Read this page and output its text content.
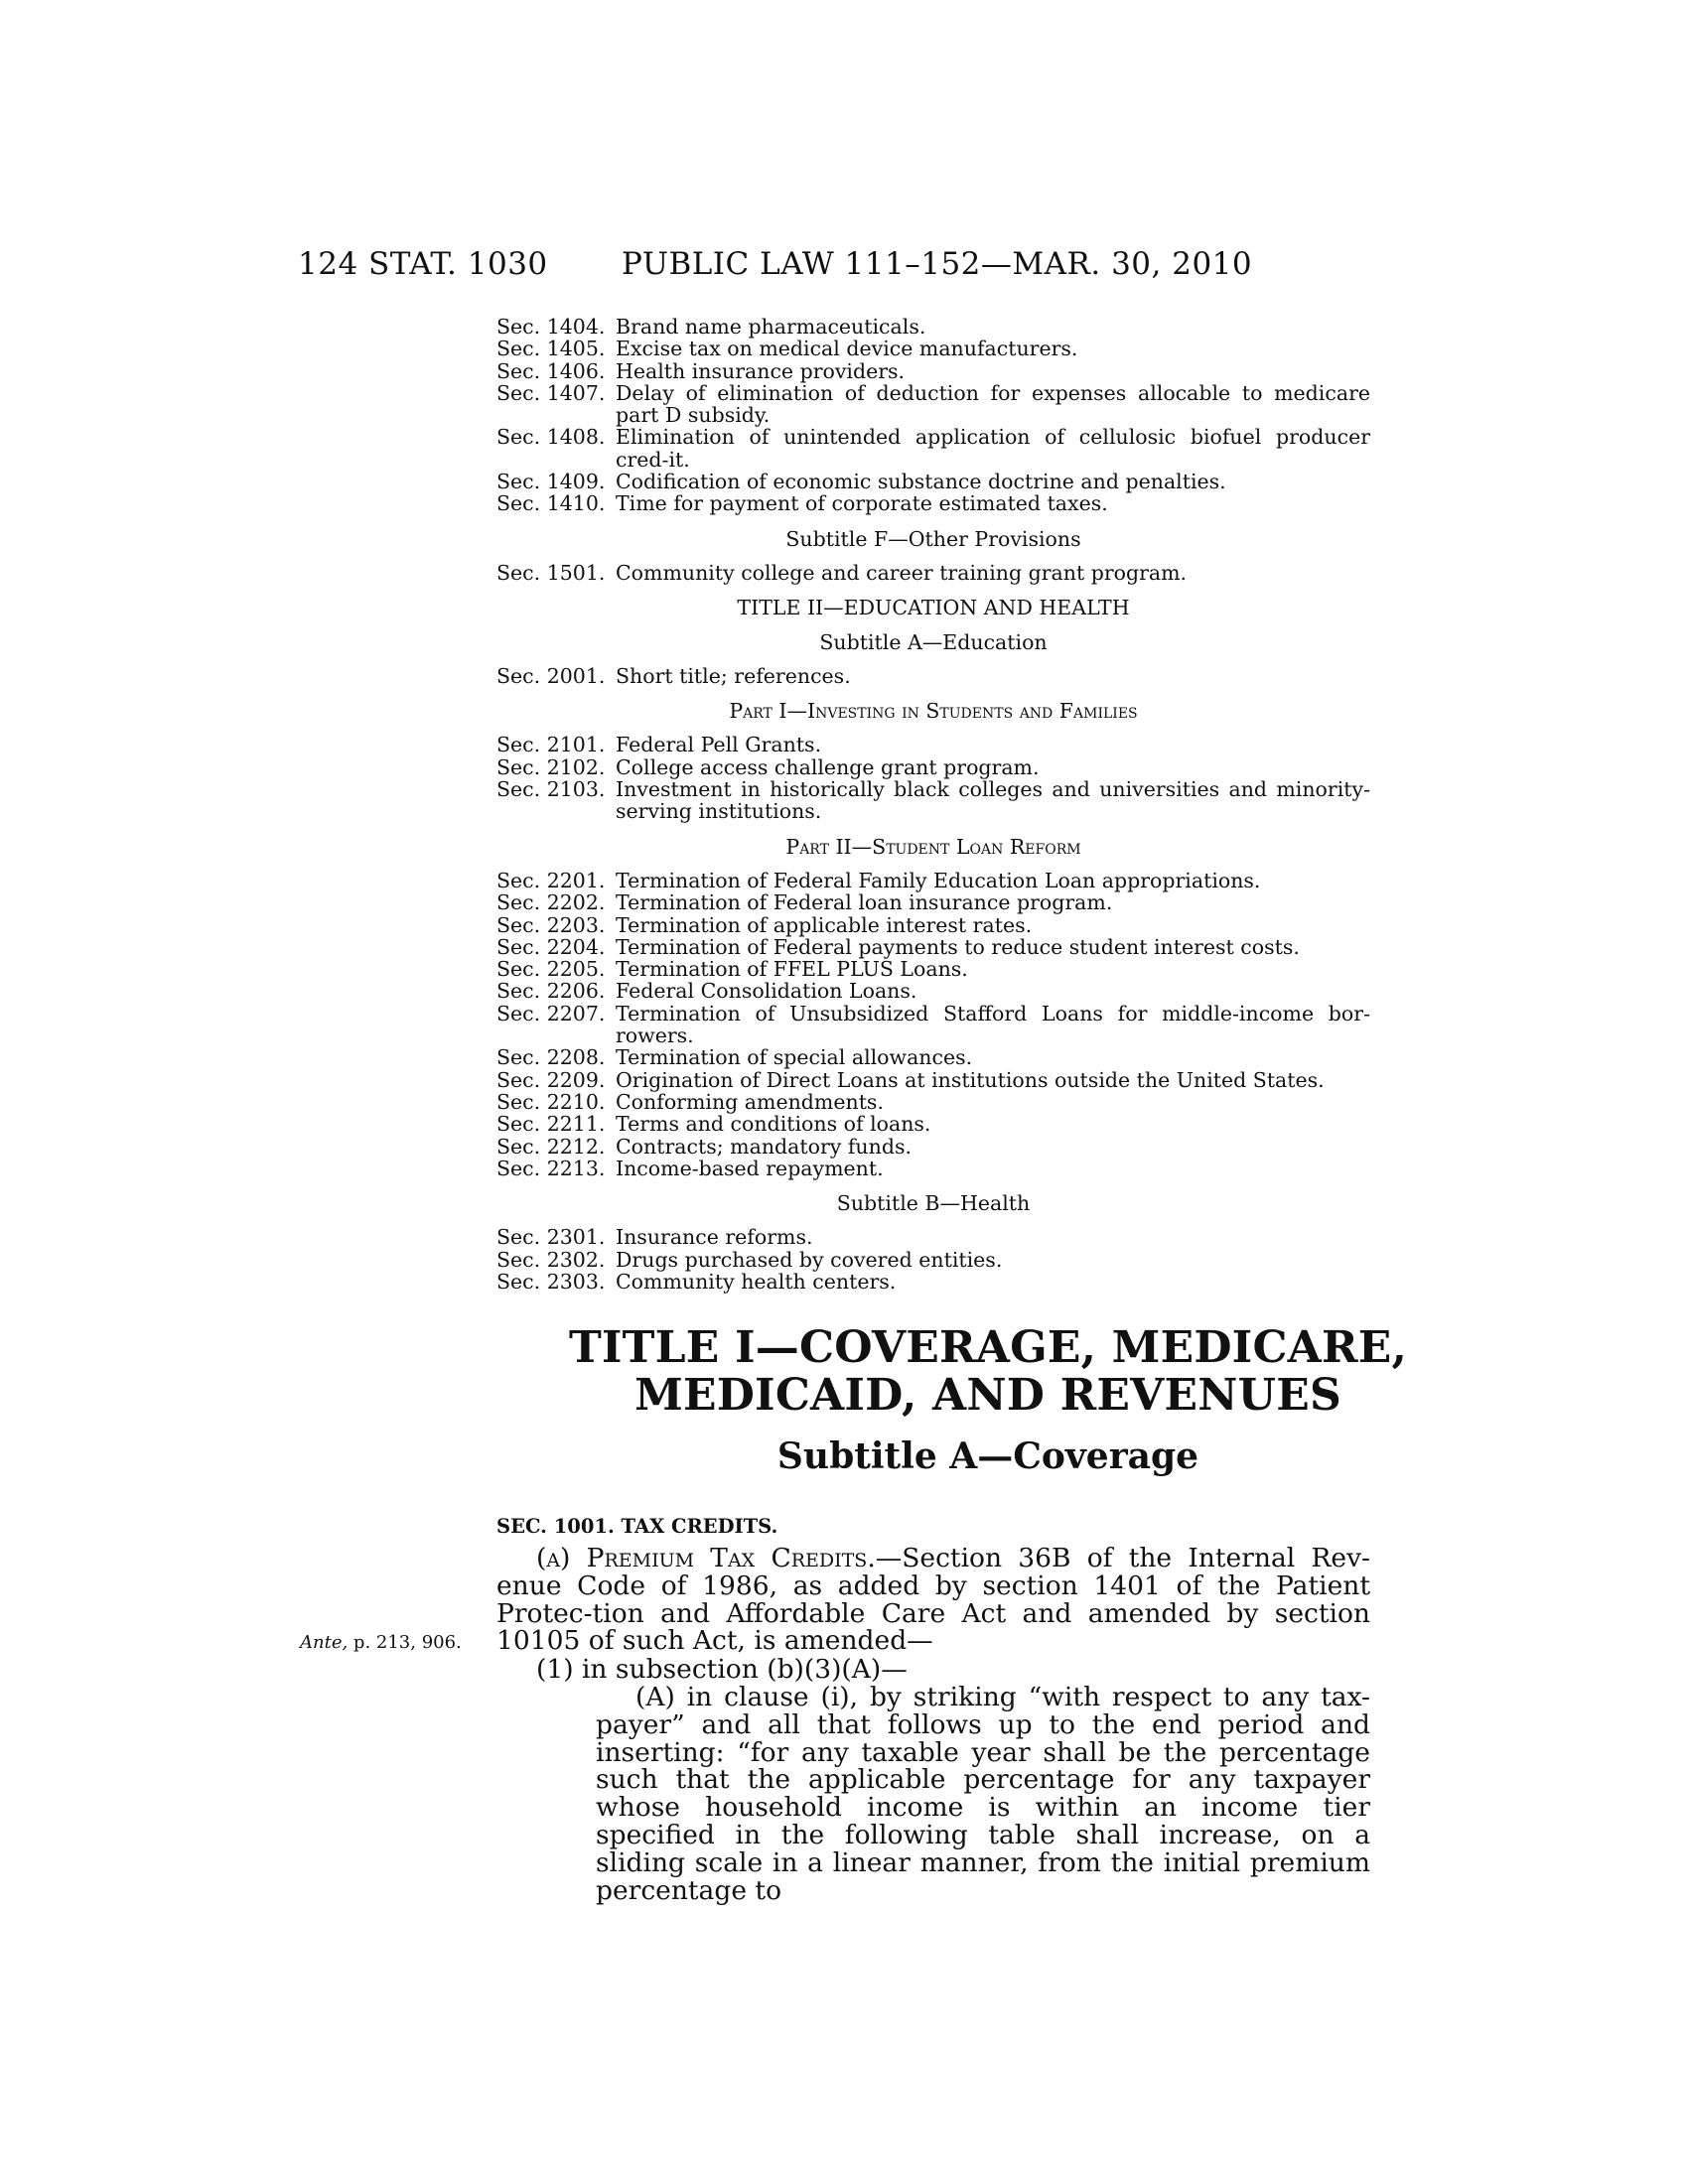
124 STAT. 1030 PUBLIC LAW 111–152—MAR. 30, 2010
Sec. 1404. Brand name pharmaceuticals.
Sec. 1405. Excise tax on medical device manufacturers.
Sec. 1406. Health insurance providers.
Sec. 1407. Delay of elimination of deduction for expenses allocable to medicare part D subsidy.
Sec. 1408. Elimination of unintended application of cellulosic biofuel producer cred-it.
Sec. 1409. Codification of economic substance doctrine and penalties.
Sec. 1410. Time for payment of corporate estimated taxes.
Subtitle F—Other Provisions
Sec. 1501. Community college and career training grant program.
TITLE II—EDUCATION AND HEALTH
Subtitle A—Education
Sec. 2001. Short title; references.
Part I—Investing in Students and Families
Sec. 2101. Federal Pell Grants.
Sec. 2102. College access challenge grant program.
Sec. 2103. Investment in historically black colleges and universities and minority-serving institutions.
Part II—Student Loan Reform
Sec. 2201. Termination of Federal Family Education Loan appropriations.
Sec. 2202. Termination of Federal loan insurance program.
Sec. 2203. Termination of applicable interest rates.
Sec. 2204. Termination of Federal payments to reduce student interest costs.
Sec. 2205. Termination of FFEL PLUS Loans.
Sec. 2206. Federal Consolidation Loans.
Sec. 2207. Termination of Unsubsidized Stafford Loans for middle-income bor-rowers.
Sec. 2208. Termination of special allowances.
Sec. 2209. Origination of Direct Loans at institutions outside the United States.
Sec. 2210. Conforming amendments.
Sec. 2211. Terms and conditions of loans.
Sec. 2212. Contracts; mandatory funds.
Sec. 2213. Income-based repayment.
Subtitle B—Health
Sec. 2301. Insurance reforms.
Sec. 2302. Drugs purchased by covered entities.
Sec. 2303. Community health centers.
TITLE I—COVERAGE, MEDICARE,
MEDICAID, AND REVENUES
Subtitle A—Coverage
SEC. 1001. TAX CREDITS.
(a) Premium Tax Credits.—Section 36B of the Internal Rev-enue Code of 1986, as added by section 1401 of the Patient Protec-tion and Affordable Care Act and amended by section 10105 of such Act, is amended—
(1) in subsection (b)(3)(A)—
(A) in clause (i), by striking “with respect to any tax-payer” and all that follows up to the end period and inserting: “for any taxable year shall be the percentage such that the applicable percentage for any taxpayer whose household income is within an income tier specified in the following table shall increase, on a sliding scale in a linear manner, from the initial premium percentage to
Ante, p. 213, 906.
